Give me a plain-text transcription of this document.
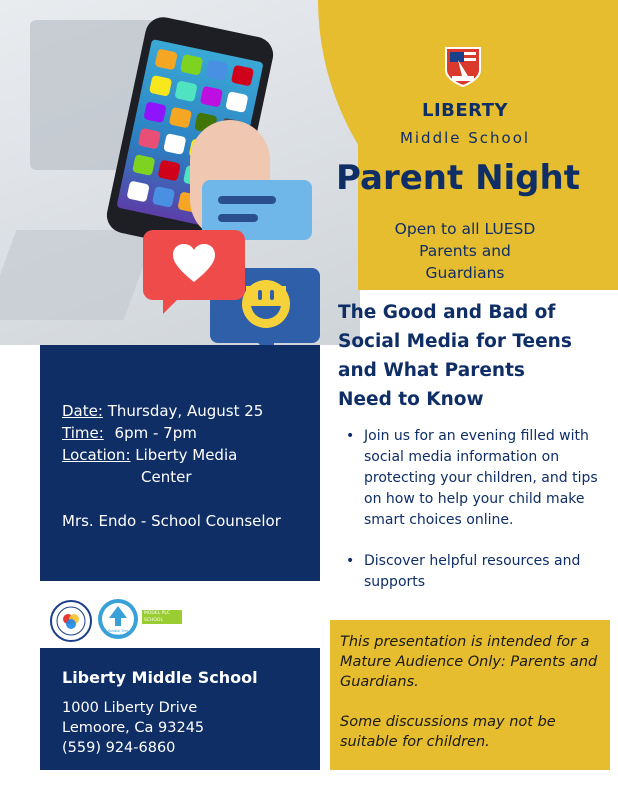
LIBERTY
Middle School
Parent Night
Open to all LUESD
Parents and
Guardians
The Good and Bad of
Social Media for Teens
and What Parents
Need to Know
Date: Thursday, August 25
Time: 6pm - 7pm
Location: Liberty Media
Center
Mrs. Endo - School Counselor
• Join us for an evening filled with social media information on protecting your children, and tips on how to help your child make smart choices online.
• Discover helpful resources and supports
Solution Tree
2016
MODEL PLC
SCHOOL
Liberty Middle School
1000 Liberty Drive
Lemoore, Ca 93245
(559) 924-6860

This presentation is intended for a Mature Audience Only: Parents and Guardians.

Some discussions may not be suitable for children.
